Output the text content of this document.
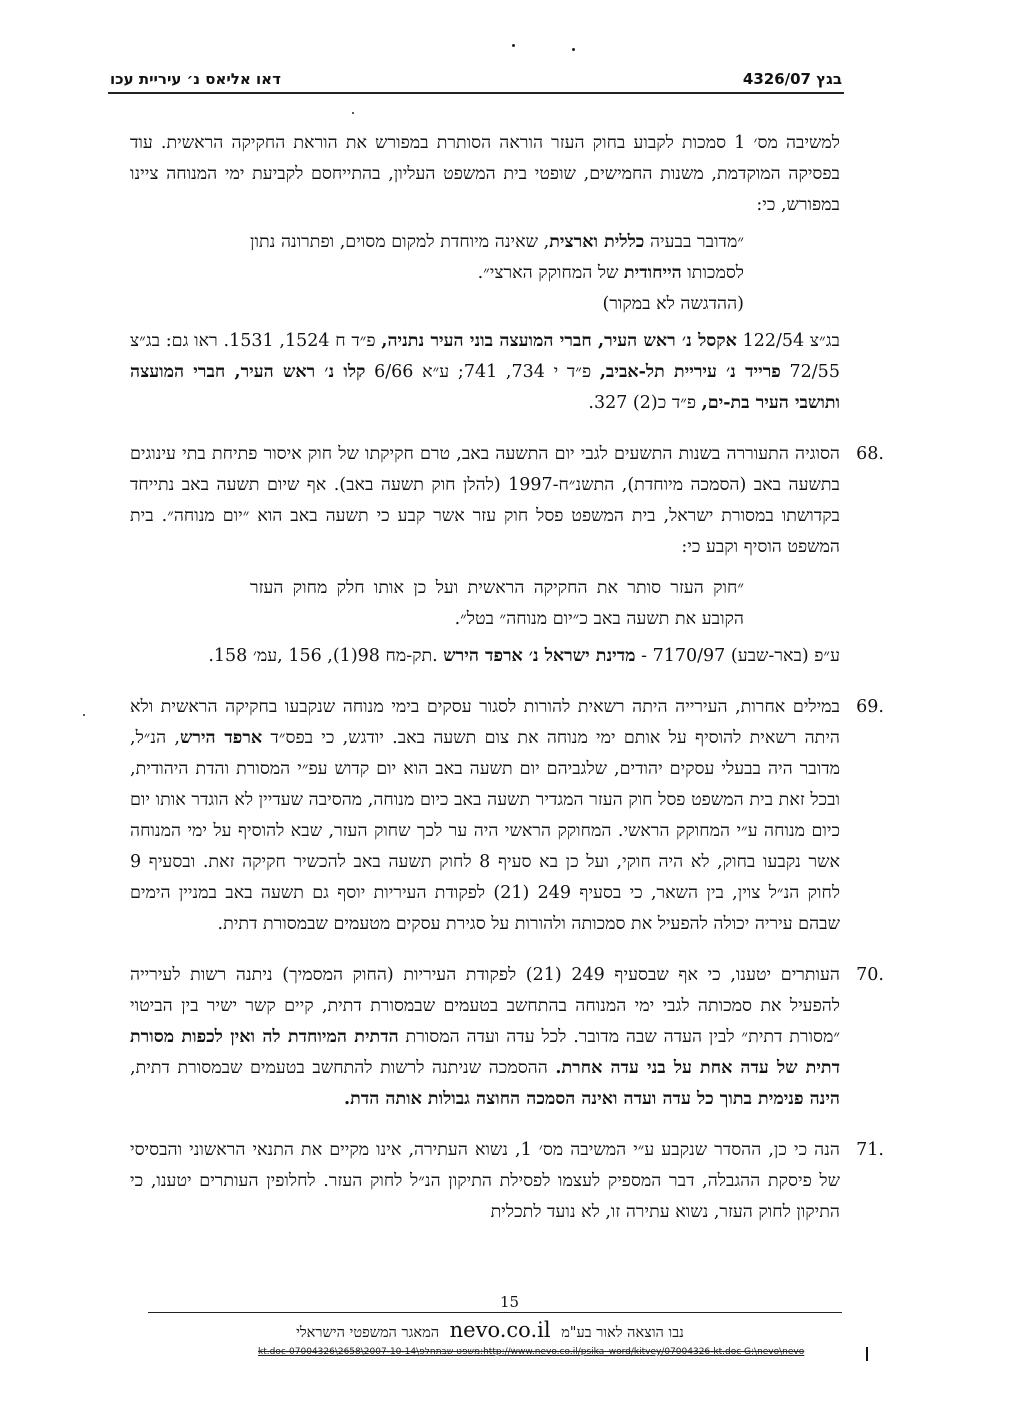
בגץ 4326/07
דאו אליאס נ׳ עיריית עכו

למשיבה מס׳ 1 סמכות לקבוע בחוק העזר הוראה הסותרת במפורש את הוראת החקיקה הראשית. עוד בפסיקה המוקדמת, משנות החמישים, שופטי בית המשפט העליון, בהתייחסם לקביעת ימי המנוחה ציינו במפורש, כי:

״מדובר בבעיה כללית וארצית, שאינה מיוחדת למקום מסוים, ופתרונה נתון לסמכותו הייחודית של המחוקק הארצי״.
(ההדגשה לא במקור)

בג״צ 122/54 אקסל נ׳ ראש העיר, חברי המועצה בוני העיר נתניה, פ״ד ח 1524, 1531. ראו גם: בג״צ 72/55 פרייד נ׳ עיריית תל-אביב, פ״ד י 734, 741; ע״א 6/66 קלו נ׳ ראש העיר, חברי המועצה ותושבי העיר בת-ים, פ״ד כ(2) 327.

68.

הסוגיה התעוררה בשנות התשעים לגבי יום התשעה באב, טרם חקיקתו של חוק איסור פתיחת בתי עינוגים בתשעה באב (הסמכה מיוחדת), התשנ״ח-1997 (להלן חוק תשעה באב). אף שיום תשעה באב נתייחד בקדושתו במסורת ישראל, בית המשפט פסל חוק עזר אשר קבע כי תשעה באב הוא ״יום מנוחה״. בית המשפט הוסיף וקבע כי:

״חוק העזר סותר את החקיקה הראשית ועל כן אותו חלק מחוק העזר הקובע את תשעה באב כ״יום מנוחה״ בטל״.

ע״פ (באר-שבע) 7170/97 - מדינת ישראל נ׳ ארפד הירש .תק-מח 98(1), 156 ,עמ׳ 158.

69.

במילים אחרות, העירייה היתה רשאית להורות לסגור עסקים בימי מנוחה שנקבעו בחקיקה הראשית ולא היתה רשאית להוסיף על אותם ימי מנוחה את צום תשעה באב. יודגש, כי בפס״ד ארפד הירש, הנ״ל, מדובר היה בבעלי עסקים יהודים, שלגביהם יום תשעה באב הוא יום קדוש עפ״י המסורת והדת היהודית, ובכל זאת בית המשפט פסל חוק העזר המגדיר תשעה באב כיום מנוחה, מהסיבה שעדיין לא הוגדר אותו יום כיום מנוחה ע״י המחוקק הראשי. המחוקק הראשי היה ער לכך שחוק העזר, שבא להוסיף על ימי המנוחה אשר נקבעו בחוק, לא היה חוקי, ועל כן בא סעיף 8 לחוק תשעה באב להכשיר חקיקה זאת. ובסעיף 9 לחוק הנ״ל צוין, בין השאר, כי בסעיף 249 (21) לפקודת העיריות יוסף גם תשעה באב במניין הימים שבהם עיריה יכולה להפעיל את סמכותה ולהורות על סגירת עסקים מטעמים שבמסורת דתית.

70.

העותרים יטענו, כי אף שבסעיף 249 (21) לפקודת העיריות (החוק המסמיך) ניתנה רשות לעירייה להפעיל את סמכותה לגבי ימי המנוחה בהתחשב בטעמים שבמסורת דתית, קיים קשר ישיר בין הביטוי ״מסורת דתית״ לבין העדה שבה מדובר. לכל עדה ועדה המסורת הדתית המיוחדת לה ואין לכפות מסורת דתית של עדה אחת על בני עדה אחרת. ההסמכה שניתנה לרשות להתחשב בטעמים שבמסורת דתית, הינה פנימית בתוך כל עדה ועדה ואינה הסמכה החוצה גבולות אותה הדת.

71.

הנה כי כן, ההסדר שנקבע ע״י המשיבה מס׳ 1, נשוא העתירה, אינו מקיים את התנאי הראשוני והבסיסי של פיסקת ההגבלה, דבר המספיק לעצמו לפסילת התיקון הנ״ל לחוק העזר. לחלופין העותרים יטענו, כי התיקון לחוק העזר, נשוא עתירה זו, לא נועד לתכלית

15
נבו הוצאה לאור בע"מ nevo.co.il המאגר המשפטי הישראלי
kt.doc-07004326\2658\2007-10-14\משפט שבתחלפ:http://www.nevo.co.il/psika_word/kitvey/07004326-kt.doc G:\nevo\nevo
